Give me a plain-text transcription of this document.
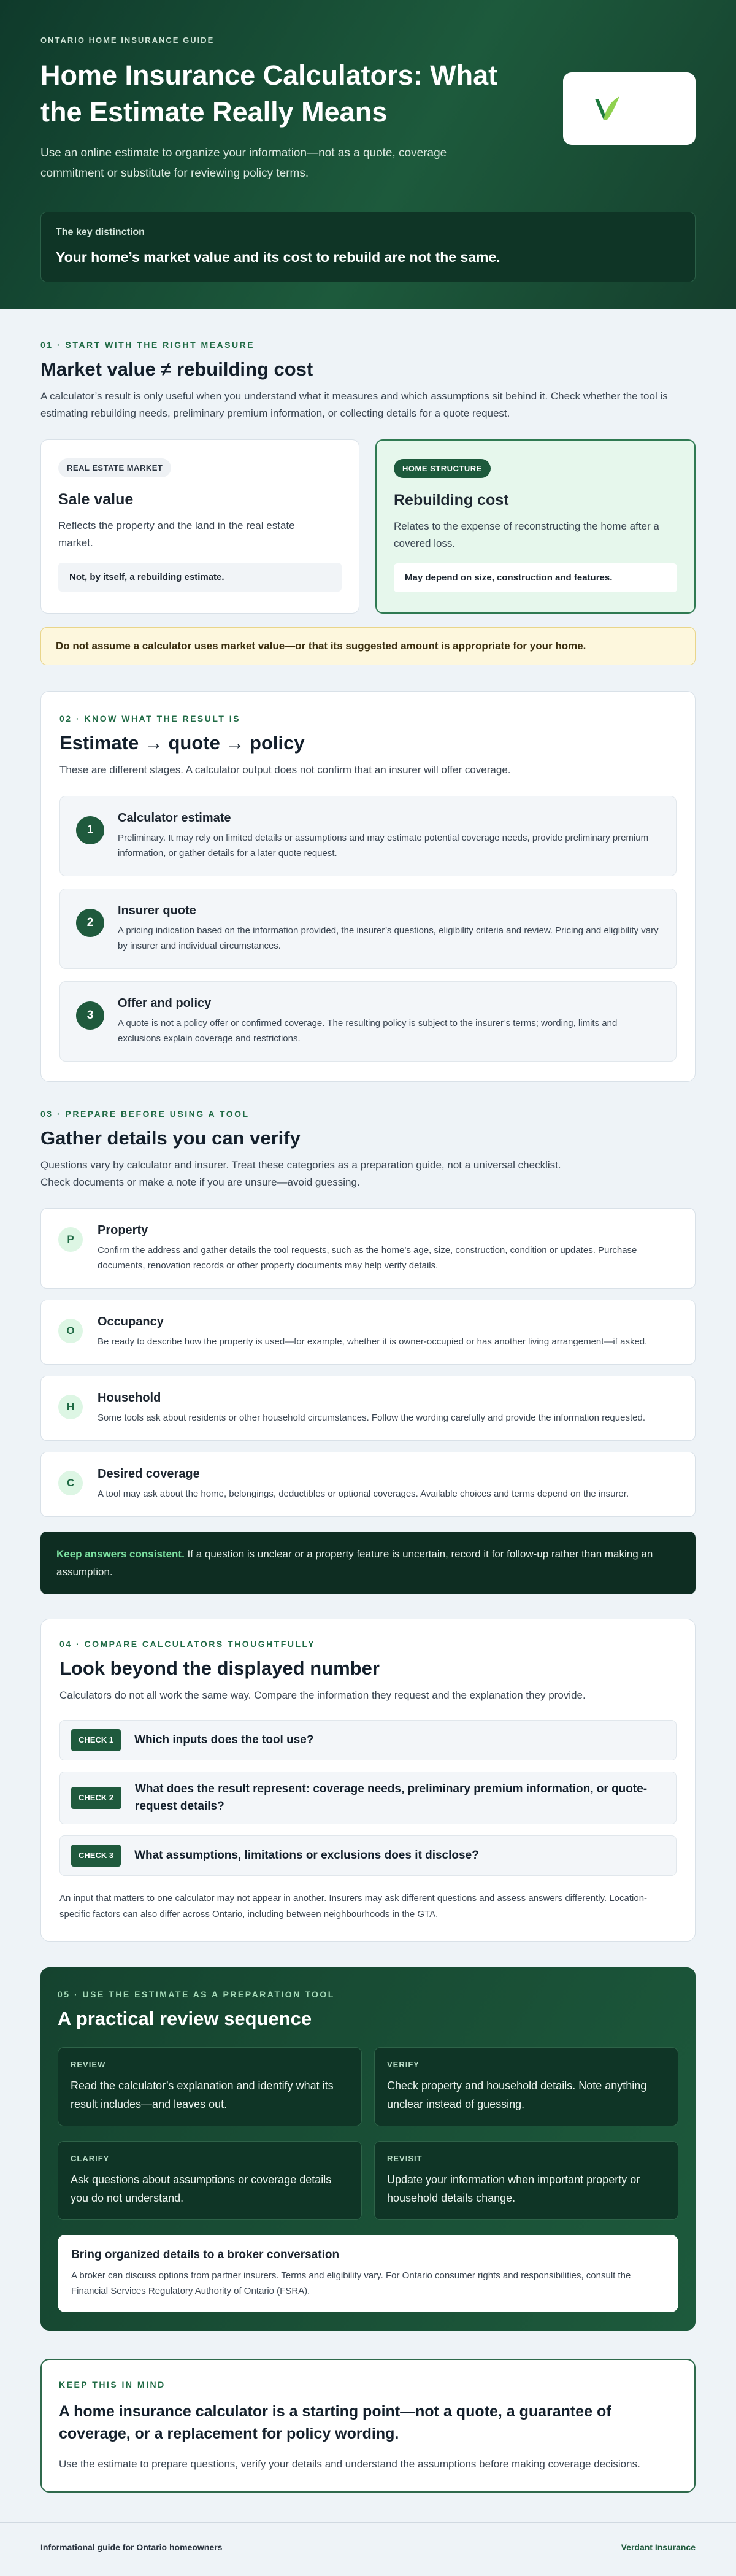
ONTARIO HOME INSURANCE GUIDE
Home Insurance Calculators: What the Estimate Really Means

Use an online estimate to organize your information—not as a quote, coverage commitment or substitute for reviewing policy terms.

The key distinction
Your home’s market value and its cost to rebuild are not the same.
01 · START WITH THE RIGHT MEASURE
Market value ≠ rebuilding cost

A calculator’s result is only useful when you understand what it measures and which assumptions sit behind it. Check whether the tool is estimating rebuilding needs, preliminary premium information, or collecting details for a quote request.

REAL ESTATE MARKET
Sale value

Reflects the property and the land in the real estate market.

Not, by itself, a rebuilding estimate.
HOME STRUCTURE
Rebuilding cost

Relates to the expense of reconstructing the home after a covered loss.

May depend on size, construction and features.
Do not assume a calculator uses market value—or that its suggested amount is appropriate for your home.
02 · KNOW WHAT THE RESULT IS
Estimate → quote → policy

These are different stages. A calculator output does not confirm that an insurer will offer coverage.

1
Calculator estimate

Preliminary. It may rely on limited details or assumptions and may estimate potential coverage needs, provide preliminary premium information, or gather details for a later quote request.

2
Insurer quote

A pricing indication based on the information provided, the insurer’s questions, eligibility criteria and review. Pricing and eligibility vary by insurer and individual circumstances.

3
Offer and policy

A quote is not a policy offer or confirmed coverage. The resulting policy is subject to the insurer’s terms; wording, limits and exclusions explain coverage and restrictions.

03 · PREPARE BEFORE USING A TOOL
Gather details you can verify

Questions vary by calculator and insurer. Treat these categories as a preparation guide, not a universal checklist. Check documents or make a note if you are unsure—avoid guessing.

P
Property

Confirm the address and gather details the tool requests, such as the home’s age, size, construction, condition or updates. Purchase documents, renovation records or other property documents may help verify details.

O
Occupancy

Be ready to describe how the property is used—for example, whether it is owner-occupied or has another living arrangement—if asked.

H
Household

Some tools ask about residents or other household circumstances. Follow the wording carefully and provide the information requested.

C
Desired coverage

A tool may ask about the home, belongings, deductibles or optional coverages. Available choices and terms depend on the insurer.

Keep answers consistent. If a question is unclear or a property feature is uncertain, record it for follow-up rather than making an assumption.
04 · COMPARE CALCULATORS THOUGHTFULLY
Look beyond the displayed number

Calculators do not all work the same way. Compare the information they request and the explanation they provide.

CHECK 1	Which inputs does the tool use?
CHECK 2
What does the result represent: coverage needs, preliminary premium information, or quote-request details?
CHECK 3	What assumptions, limitations or exclusions does it disclose?

An input that matters to one calculator may not appear in another. Insurers may ask different questions and assess answers differently. Location-specific factors can also differ across Ontario, including between neighbourhoods in the GTA.

05 · USE THE ESTIMATE AS A PREPARATION TOOL
A practical review sequence
REVIEW

Read the calculator’s explanation and identify what its result includes—and leaves out.

VERIFY

Check property and household details. Note anything unclear instead of guessing.

CLARIFY

Ask questions about assumptions or coverage details you do not understand.

REVISIT

Update your information when important property or household details change.

Bring organized details to a broker conversation

A broker can discuss options from partner insurers. Terms and eligibility vary. For Ontario consumer rights and responsibilities, consult the Financial Services Regulatory Authority of Ontario (FSRA).

KEEP THIS IN MIND
A home insurance calculator is a starting point—not a quote, a guarantee of coverage, or a replacement for policy wording.

Use the estimate to prepare questions, verify your details and understand the assumptions before making coverage decisions.

Informational guide for Ontario homeowners	Verdant Insurance
